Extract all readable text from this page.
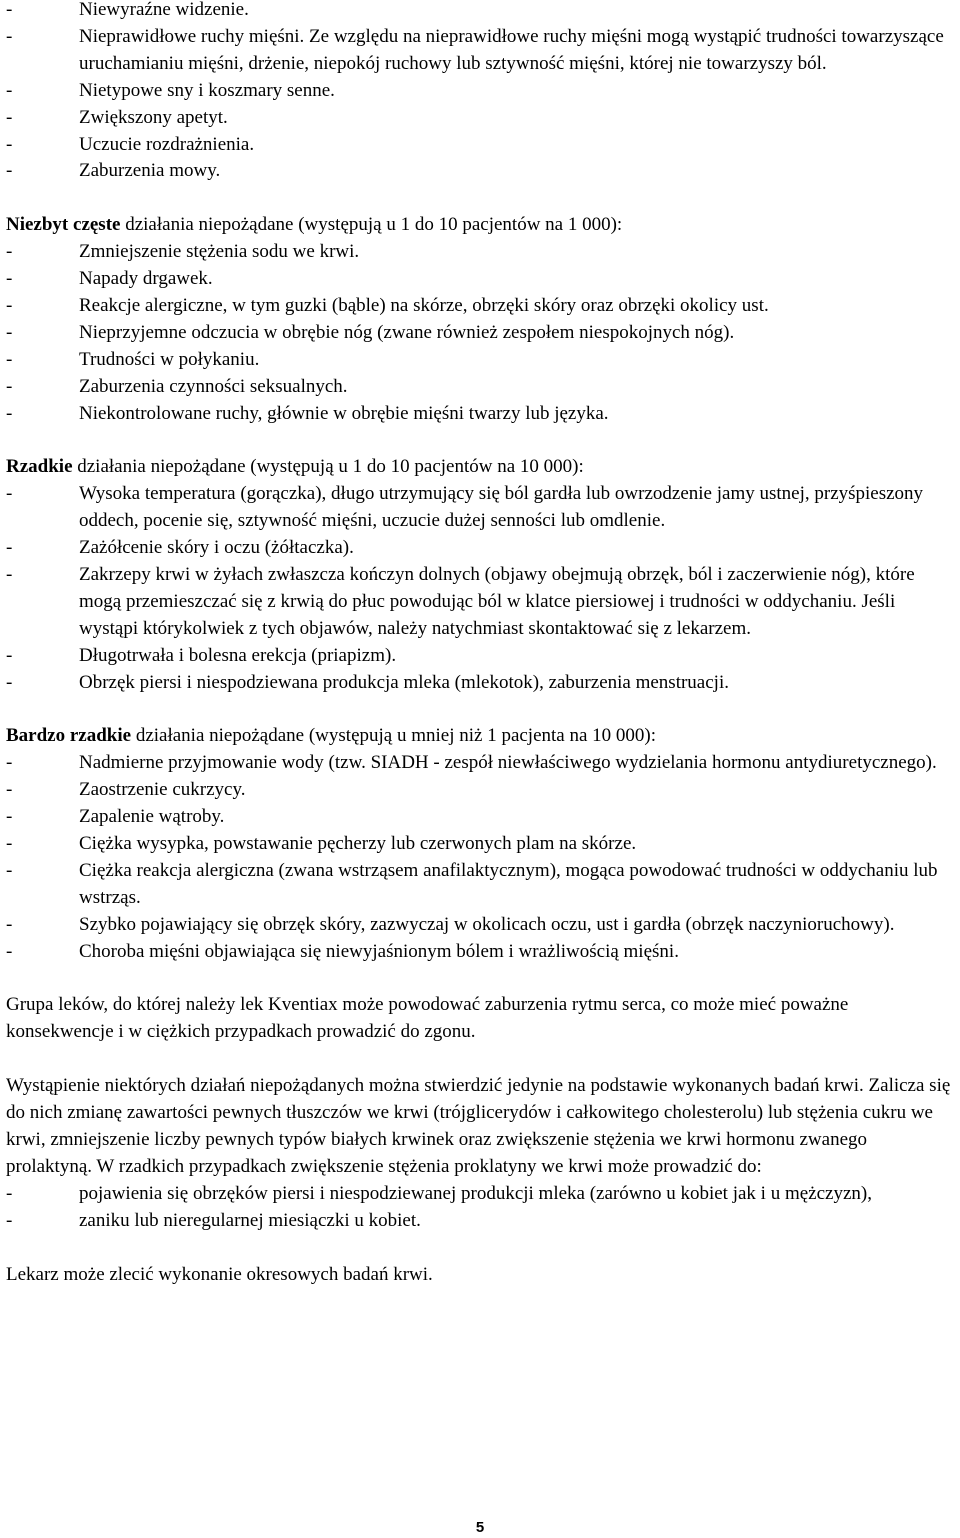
-	Niewyraźne widzenie.
-	Nieprawidłowe ruchy mięśni. Ze względu na nieprawidłowe ruchy mięśni mogą wystąpić trudności towarzyszące uruchamianiu mięśni, drżenie, niepokój ruchowy lub sztywność mięśni, której nie towarzyszy ból.
-	Nietypowe sny i koszmary senne.
-	Zwiększony apetyt.
-	Uczucie rozdrażnienia.
-	Zaburzenia mowy.

Niezbyt częste działania niepożądane (występują u 1 do 10 pacjentów na 1 000):

-	Zmniejszenie stężenia sodu we krwi.
-	Napady drgawek.
-	Reakcje alergiczne, w tym guzki (bąble) na skórze, obrzęki skóry oraz obrzęki okolicy ust.
-	Nieprzyjemne odczucia w obrębie nóg (zwane również zespołem niespokojnych nóg).
-	Trudności w połykaniu.
-	Zaburzenia czynności seksualnych.
-	Niekontrolowane ruchy, głównie w obrębie mięśni twarzy lub języka.

Rzadkie działania niepożądane (występują u 1 do 10 pacjentów na 10 000):

-	Wysoka temperatura (gorączka), długo utrzymujący się ból gardła lub owrzodzenie jamy ustnej, przyśpieszony oddech, pocenie się, sztywność mięśni, uczucie dużej senności lub omdlenie.
-	Zażółcenie skóry i oczu (żółtaczka).
-	Zakrzepy krwi w żyłach zwłaszcza kończyn dolnych (objawy obejmują obrzęk, ból i zaczerwienie nóg), które mogą przemieszczać się z krwią do płuc powodując ból w klatce piersiowej i trudności w oddychaniu. Jeśli wystąpi którykolwiek z tych objawów, należy natychmiast skontaktować się z lekarzem.
-	Długotrwała i bolesna erekcja (priapizm).
-	Obrzęk piersi i niespodziewana produkcja mleka (mlekotok), zaburzenia menstruacji.

Bardzo rzadkie działania niepożądane (występują u mniej niż 1 pacjenta na 10 000):

-	Nadmierne przyjmowanie wody (tzw. SIADH - zespół niewłaściwego wydzielania hormonu antydiuretycznego).
-	Zaostrzenie cukrzycy.
-	Zapalenie wątroby.
-	Ciężka wysypka, powstawanie pęcherzy lub czerwonych plam na skórze.
-	Ciężka reakcja alergiczna (zwana wstrząsem anafilaktycznym), mogąca powodować trudności w oddychaniu lub wstrząs.
-	Szybko pojawiający się obrzęk skóry, zazwyczaj w okolicach oczu, ust i gardła (obrzęk naczynioruchowy).
-	Choroba mięśni objawiająca się niewyjaśnionym bólem i wrażliwością mięśni.

Grupa leków, do której należy lek Kventiax może powodować zaburzenia rytmu serca, co może mieć poważne konsekwencje i w ciężkich przypadkach prowadzić do zgonu.

Wystąpienie niektórych działań niepożądanych można stwierdzić jedynie na podstawie wykonanych badań krwi. Zalicza się do nich zmianę zawartości pewnych tłuszczów we krwi (trójglicerydów i całkowitego cholesterolu) lub stężenia cukru we krwi, zmniejszenie liczby pewnych typów białych krwinek oraz zwiększenie stężenia we krwi hormonu zwanego prolaktyną. W rzadkich przypadkach zwiększenie stężenia proklatyny we krwi może prowadzić do:

-	pojawienia się obrzęków piersi i niespodziewanej produkcji mleka (zarówno u kobiet jak i u mężczyzn),
-	zaniku lub nieregularnej miesiączki u kobiet.

Lekarz może zlecić wykonanie okresowych badań krwi.

5
